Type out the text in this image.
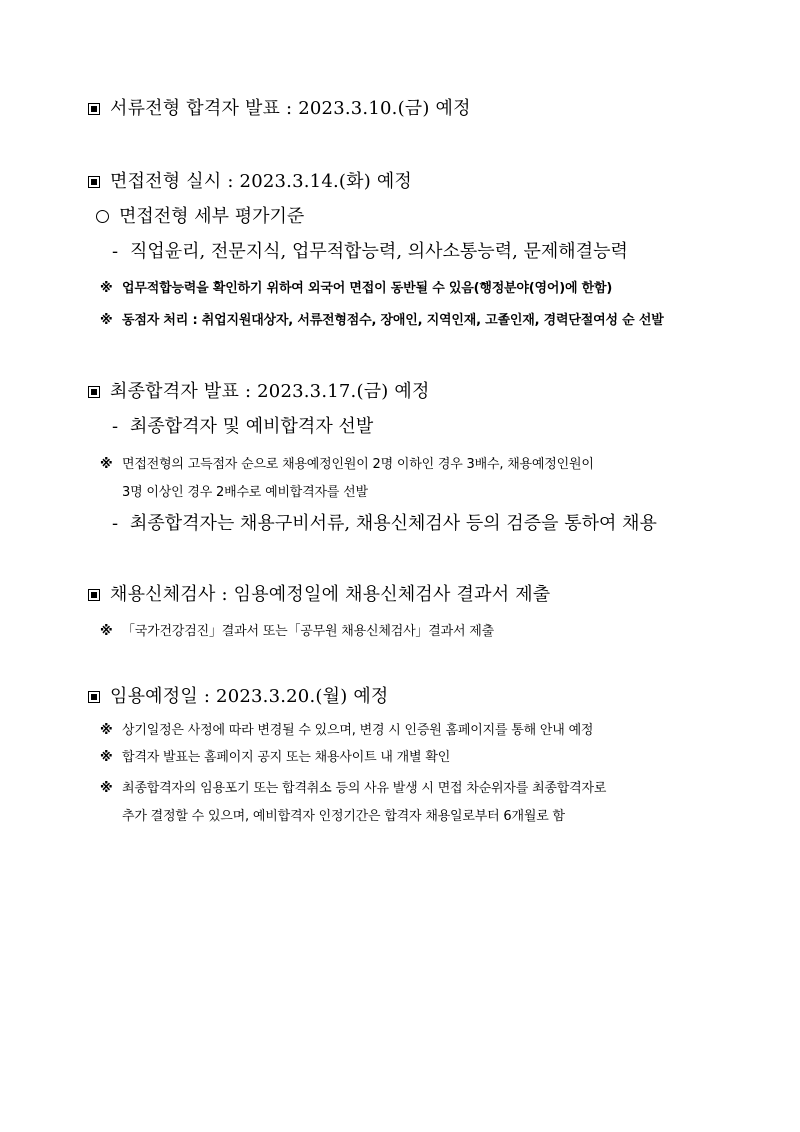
서류전형 합격자 발표 : 2023.3.10.(금) 예정
면접전형 실시 : 2023.3.14.(화) 예정
면접전형 세부 평가기준
- 직업윤리, 전문지식, 업무적합능력, 의사소통능력, 문제해결능력
※ 업무적합능력을 확인하기 위하여 외국어 면접이 동반될 수 있음(행정분야(영어)에 한함)
※ 동점자 처리 : 취업지원대상자, 서류전형점수, 장애인, 지역인재, 고졸인재, 경력단절여성 순 선발
최종합격자 발표 : 2023.3.17.(금) 예정
- 최종합격자 및 예비합격자 선발
※ 면접전형의 고득점자 순으로 채용예정인원이 2명 이하인 경우 3배수, 채용예정인원이
3명 이상인 경우 2배수로 예비합격자를 선발
- 최종합격자는 채용구비서류, 채용신체검사 등의 검증을 통하여 채용
채용신체검사 : 임용예정일에 채용신체검사 결과서 제출
※ 「국가건강검진」결과서 또는「공무원 채용신체검사」결과서 제출
임용예정일 : 2023.3.20.(월) 예정
※ 상기일정은 사정에 따라 변경될 수 있으며, 변경 시 인증원 홈페이지를 통해 안내 예정
※ 합격자 발표는 홈페이지 공지 또는 채용사이트 내 개별 확인
※ 최종합격자의 임용포기 또는 합격취소 등의 사유 발생 시 면접 차순위자를 최종합격자로
추가 결정할 수 있으며, 예비합격자 인정기간은 합격자 채용일로부터 6개월로 함
